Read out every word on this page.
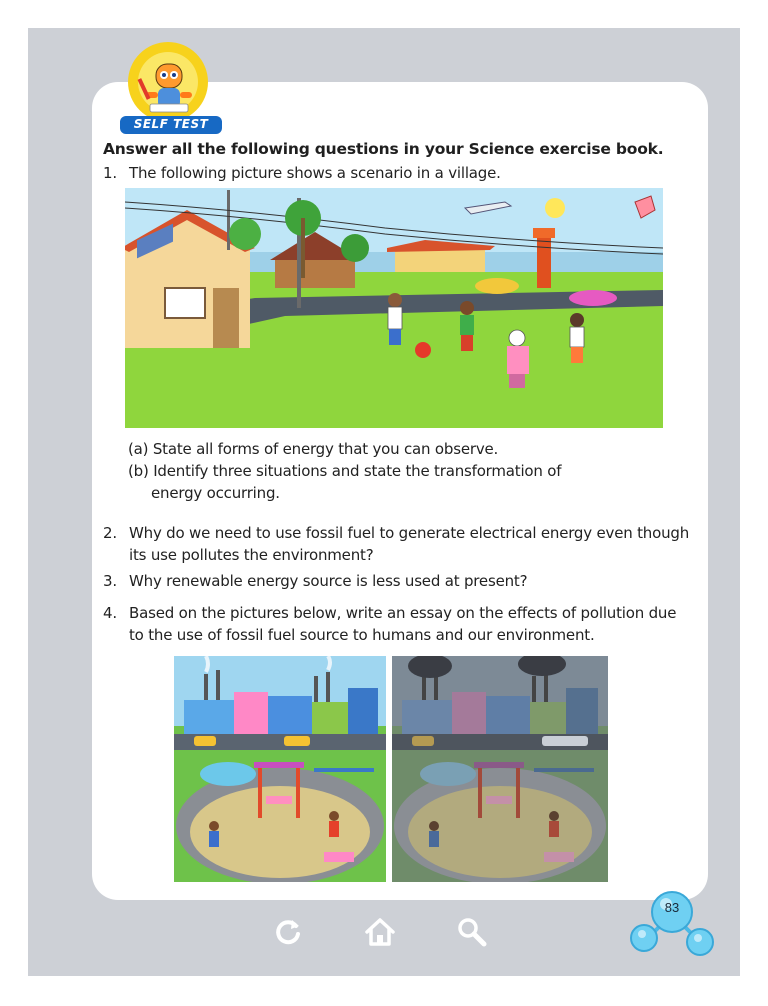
SELF TEST
Answer all the following questions in your Science exercise book.
1. The following picture shows a scenario in a village.
(a) State all forms of energy that you can observe.
(b) Identify three situations and state the transformation of
energy occurring.
2. Why do we need to use fossil fuel to generate electrical energy even though its use pollutes the environment?
3. Why renewable energy source is less used at present?
4. Based on the pictures below, write an essay on the effects of pollution due to the use of fossil fuel source to humans and our environment.
83
